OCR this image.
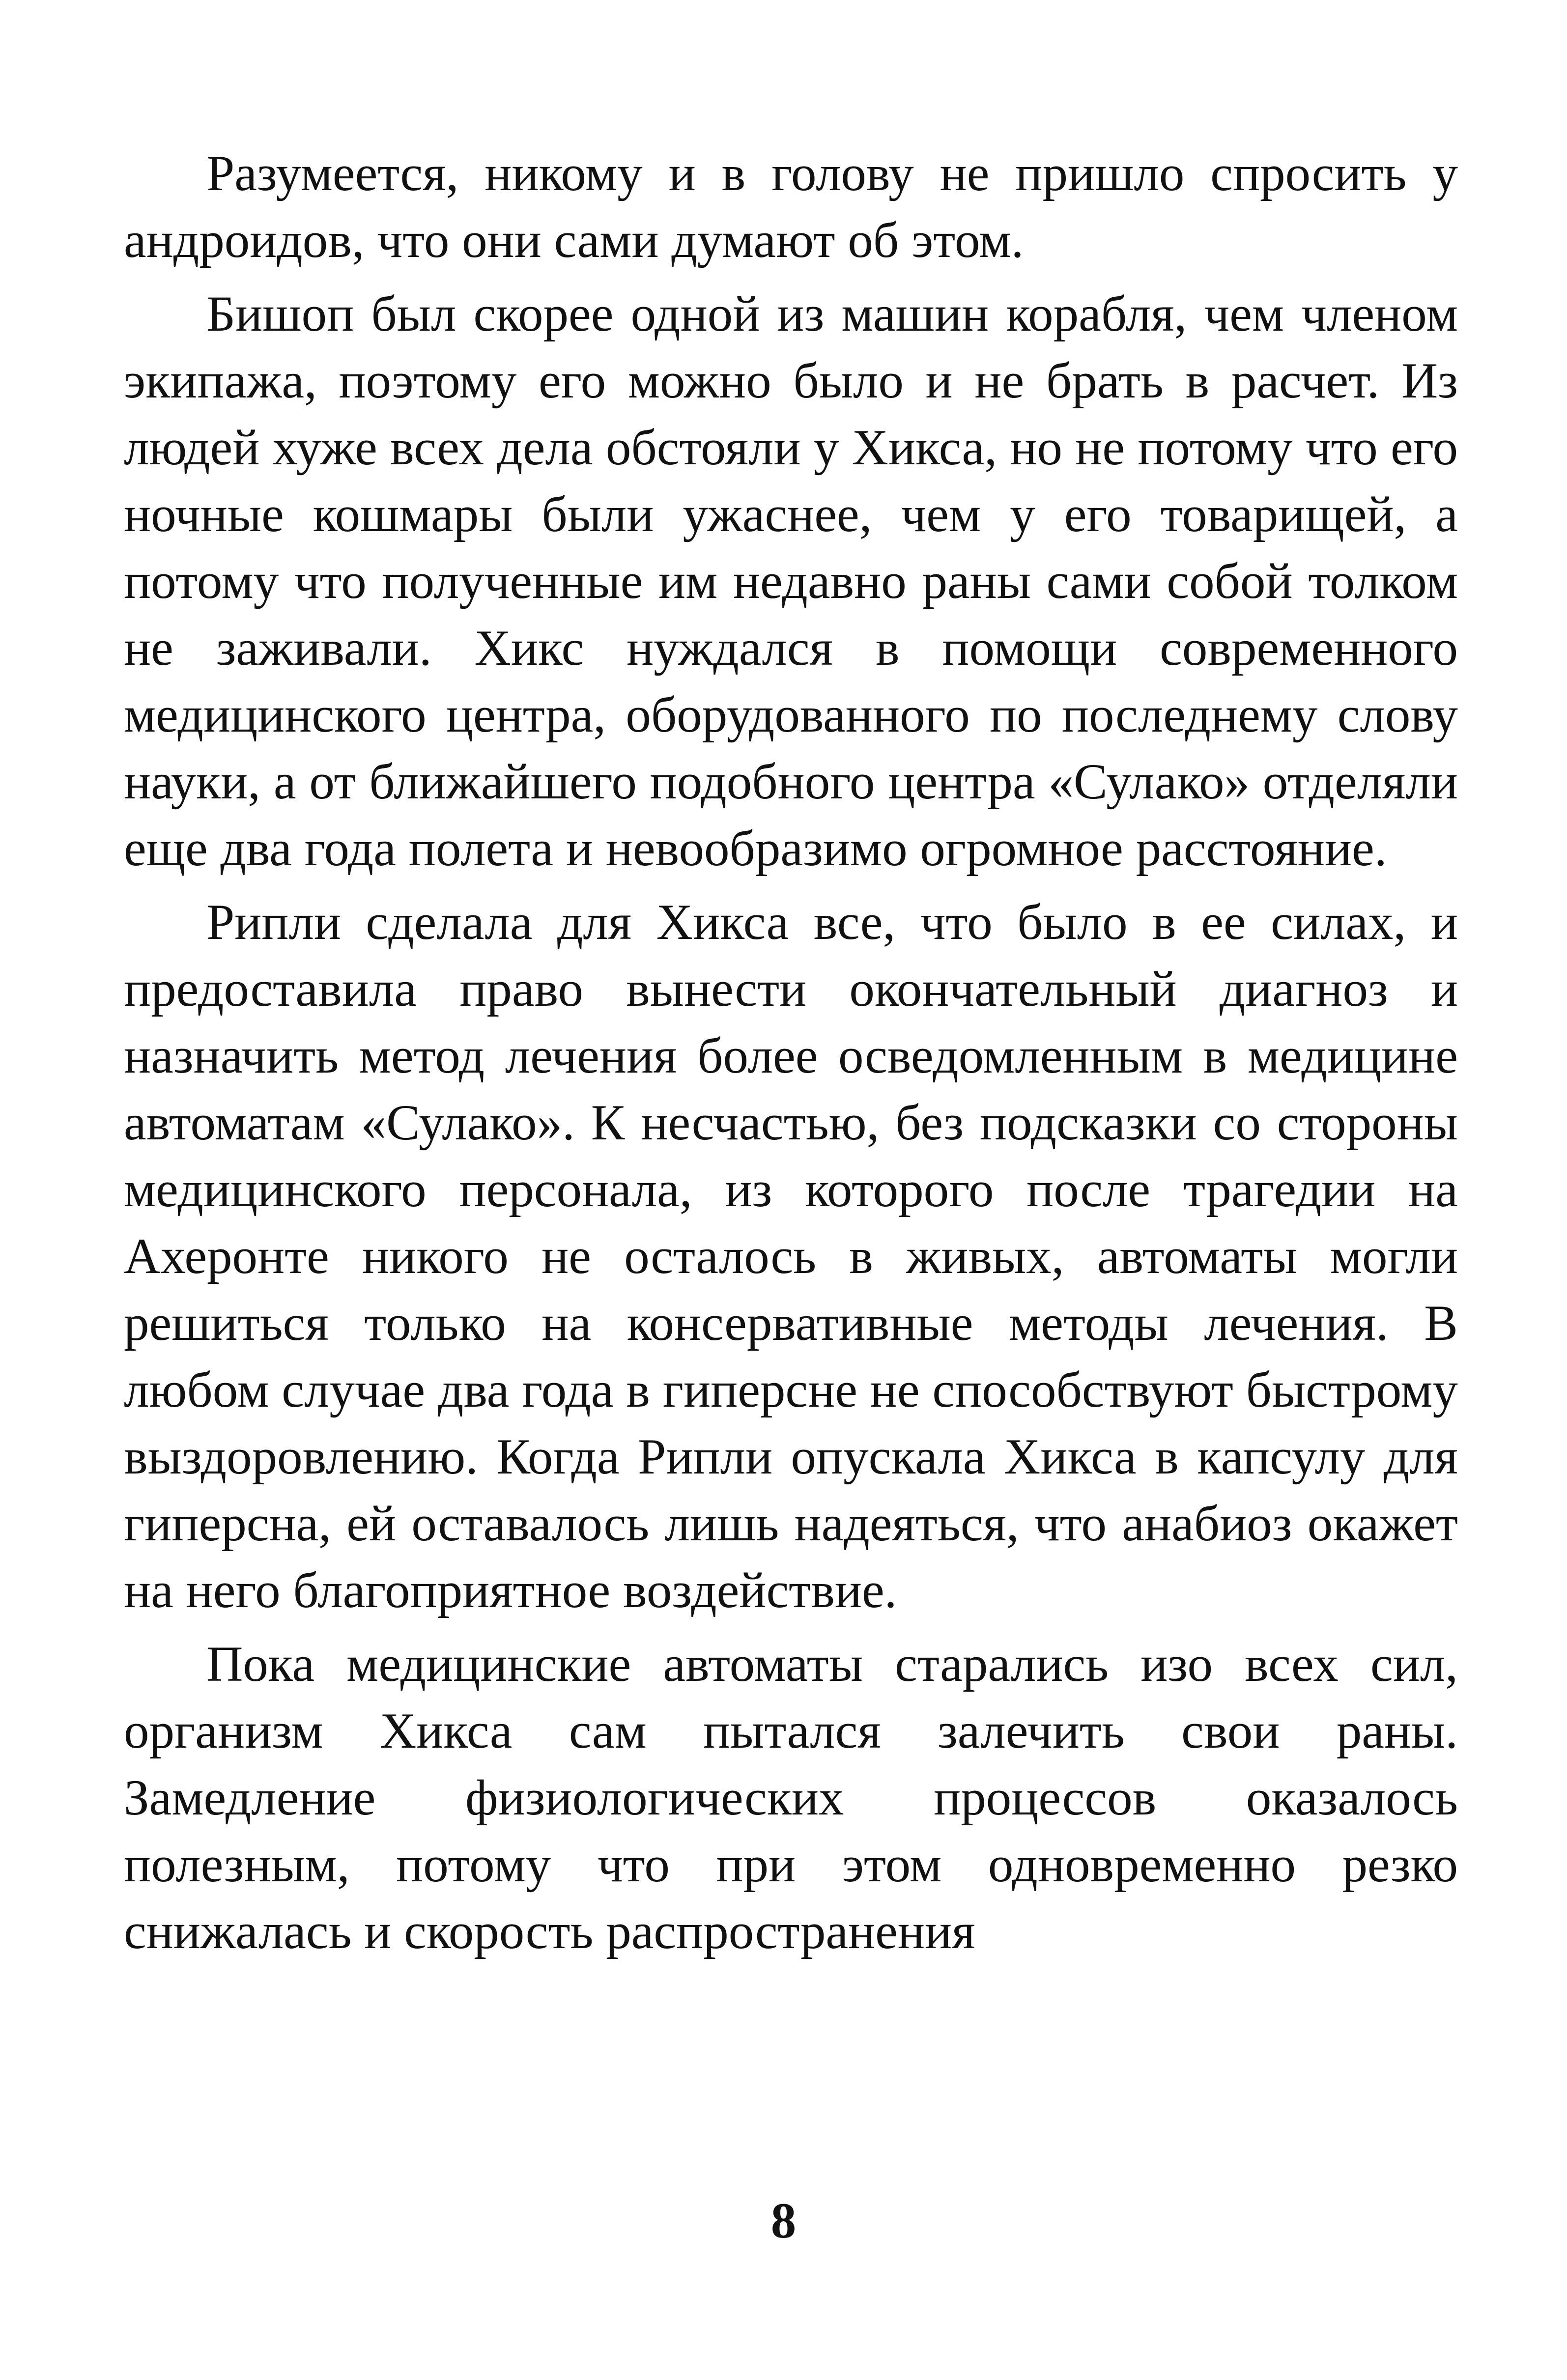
Разумеется, никому и в голову не пришло спросить у андроидов, что они сами думают об этом.

Бишоп был скорее одной из машин корабля, чем членом экипажа, поэтому его можно было и не брать в расчет. Из людей хуже всех дела обстояли у Хикса, но не потому что его ночные кошмары были ужаснее, чем у его товарищей, а потому что полученные им недавно раны сами собой толком не заживали. Хикс нуждался в помощи современного медицинского центра, оборудованного по последнему слову науки, а от ближайшего подобного центра «Сулако» отделяли еще два года полета и невообразимо огромное расстояние.

Рипли сделала для Хикса все, что было в ее силах, и предоставила право вынести окончательный диагноз и назначить метод лечения более осведомленным в медицине автоматам «Сулако». К несчастью, без подсказки со стороны медицинского персонала, из которого после трагедии на Ахеронте никого не осталось в живых, автоматы могли решиться только на консервативные методы лечения. В любом случае два года в гиперсне не способствуют быстрому выздоровлению. Когда Рипли опускала Хикса в капсулу для гиперсна, ей оставалось лишь надеяться, что анабиоз окажет на него благоприятное воздействие.

Пока медицинские автоматы старались изо всех сил, организм Хикса сам пытался залечить свои раны. Замедление физиологических процессов оказалось полезным, потому что при этом одновременно резко снижалась и скорость распространения

8
